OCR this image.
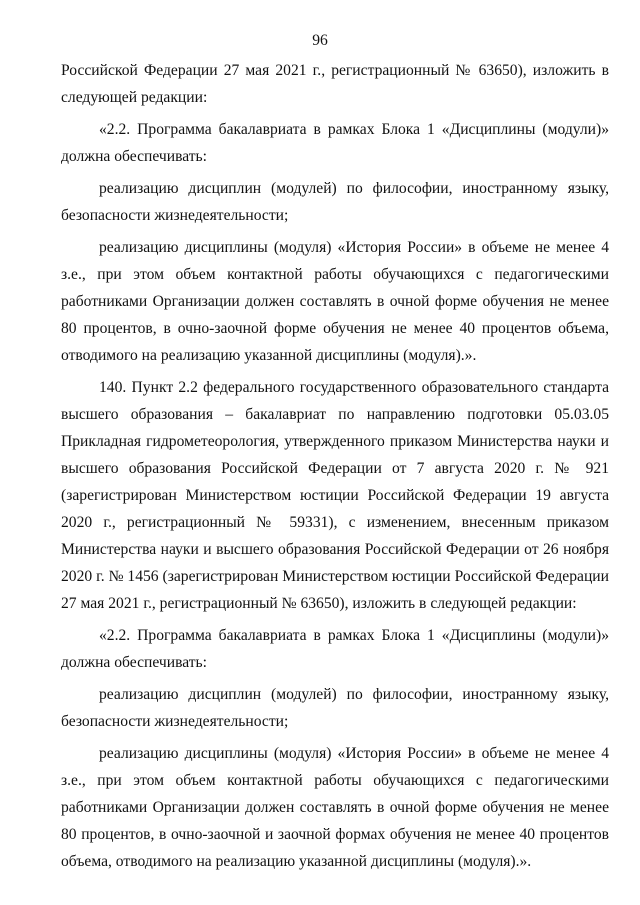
96

Российской Федерации 27 мая 2021 г., регистрационный № 63650), изложить в следующей редакции:

«2.2. Программа бакалавриата в рамках Блока 1 «Дисциплины (модули)» должна обеспечивать:

реализацию дисциплин (модулей) по философии, иностранному языку, безопасности жизнедеятельности;

реализацию дисциплины (модуля) «История России» в объеме не менее 4 з.е., при этом объем контактной работы обучающихся с педагогическими работниками Организации должен составлять в очной форме обучения не менее 80 процентов, в очно-заочной форме обучения не менее 40 процентов объема, отводимого на реализацию указанной дисциплины (модуля).».

140. Пункт 2.2 федерального государственного образовательного стандарта высшего образования – бакалавриат по направлению подготовки 05.03.05 Прикладная гидрометеорология, утвержденного приказом Министерства науки и высшего образования Российской Федерации от 7 августа 2020 г. № 921 (зарегистрирован Министерством юстиции Российской Федерации 19 августа 2020 г., регистрационный № 59331), с изменением, внесенным приказом Министерства науки и высшего образования Российской Федерации от 26 ноября 2020 г. № 1456 (зарегистрирован Министерством юстиции Российской Федерации 27 мая 2021 г., регистрационный № 63650), изложить в следующей редакции:

«2.2. Программа бакалавриата в рамках Блока 1 «Дисциплины (модули)» должна обеспечивать:

реализацию дисциплин (модулей) по философии, иностранному языку, безопасности жизнедеятельности;

реализацию дисциплины (модуля) «История России» в объеме не менее 4 з.е., при этом объем контактной работы обучающихся с педагогическими работниками Организации должен составлять в очной форме обучения не менее 80 процентов, в очно-заочной и заочной формах обучения не менее 40 процентов объема, отводимого на реализацию указанной дисциплины (модуля).».
